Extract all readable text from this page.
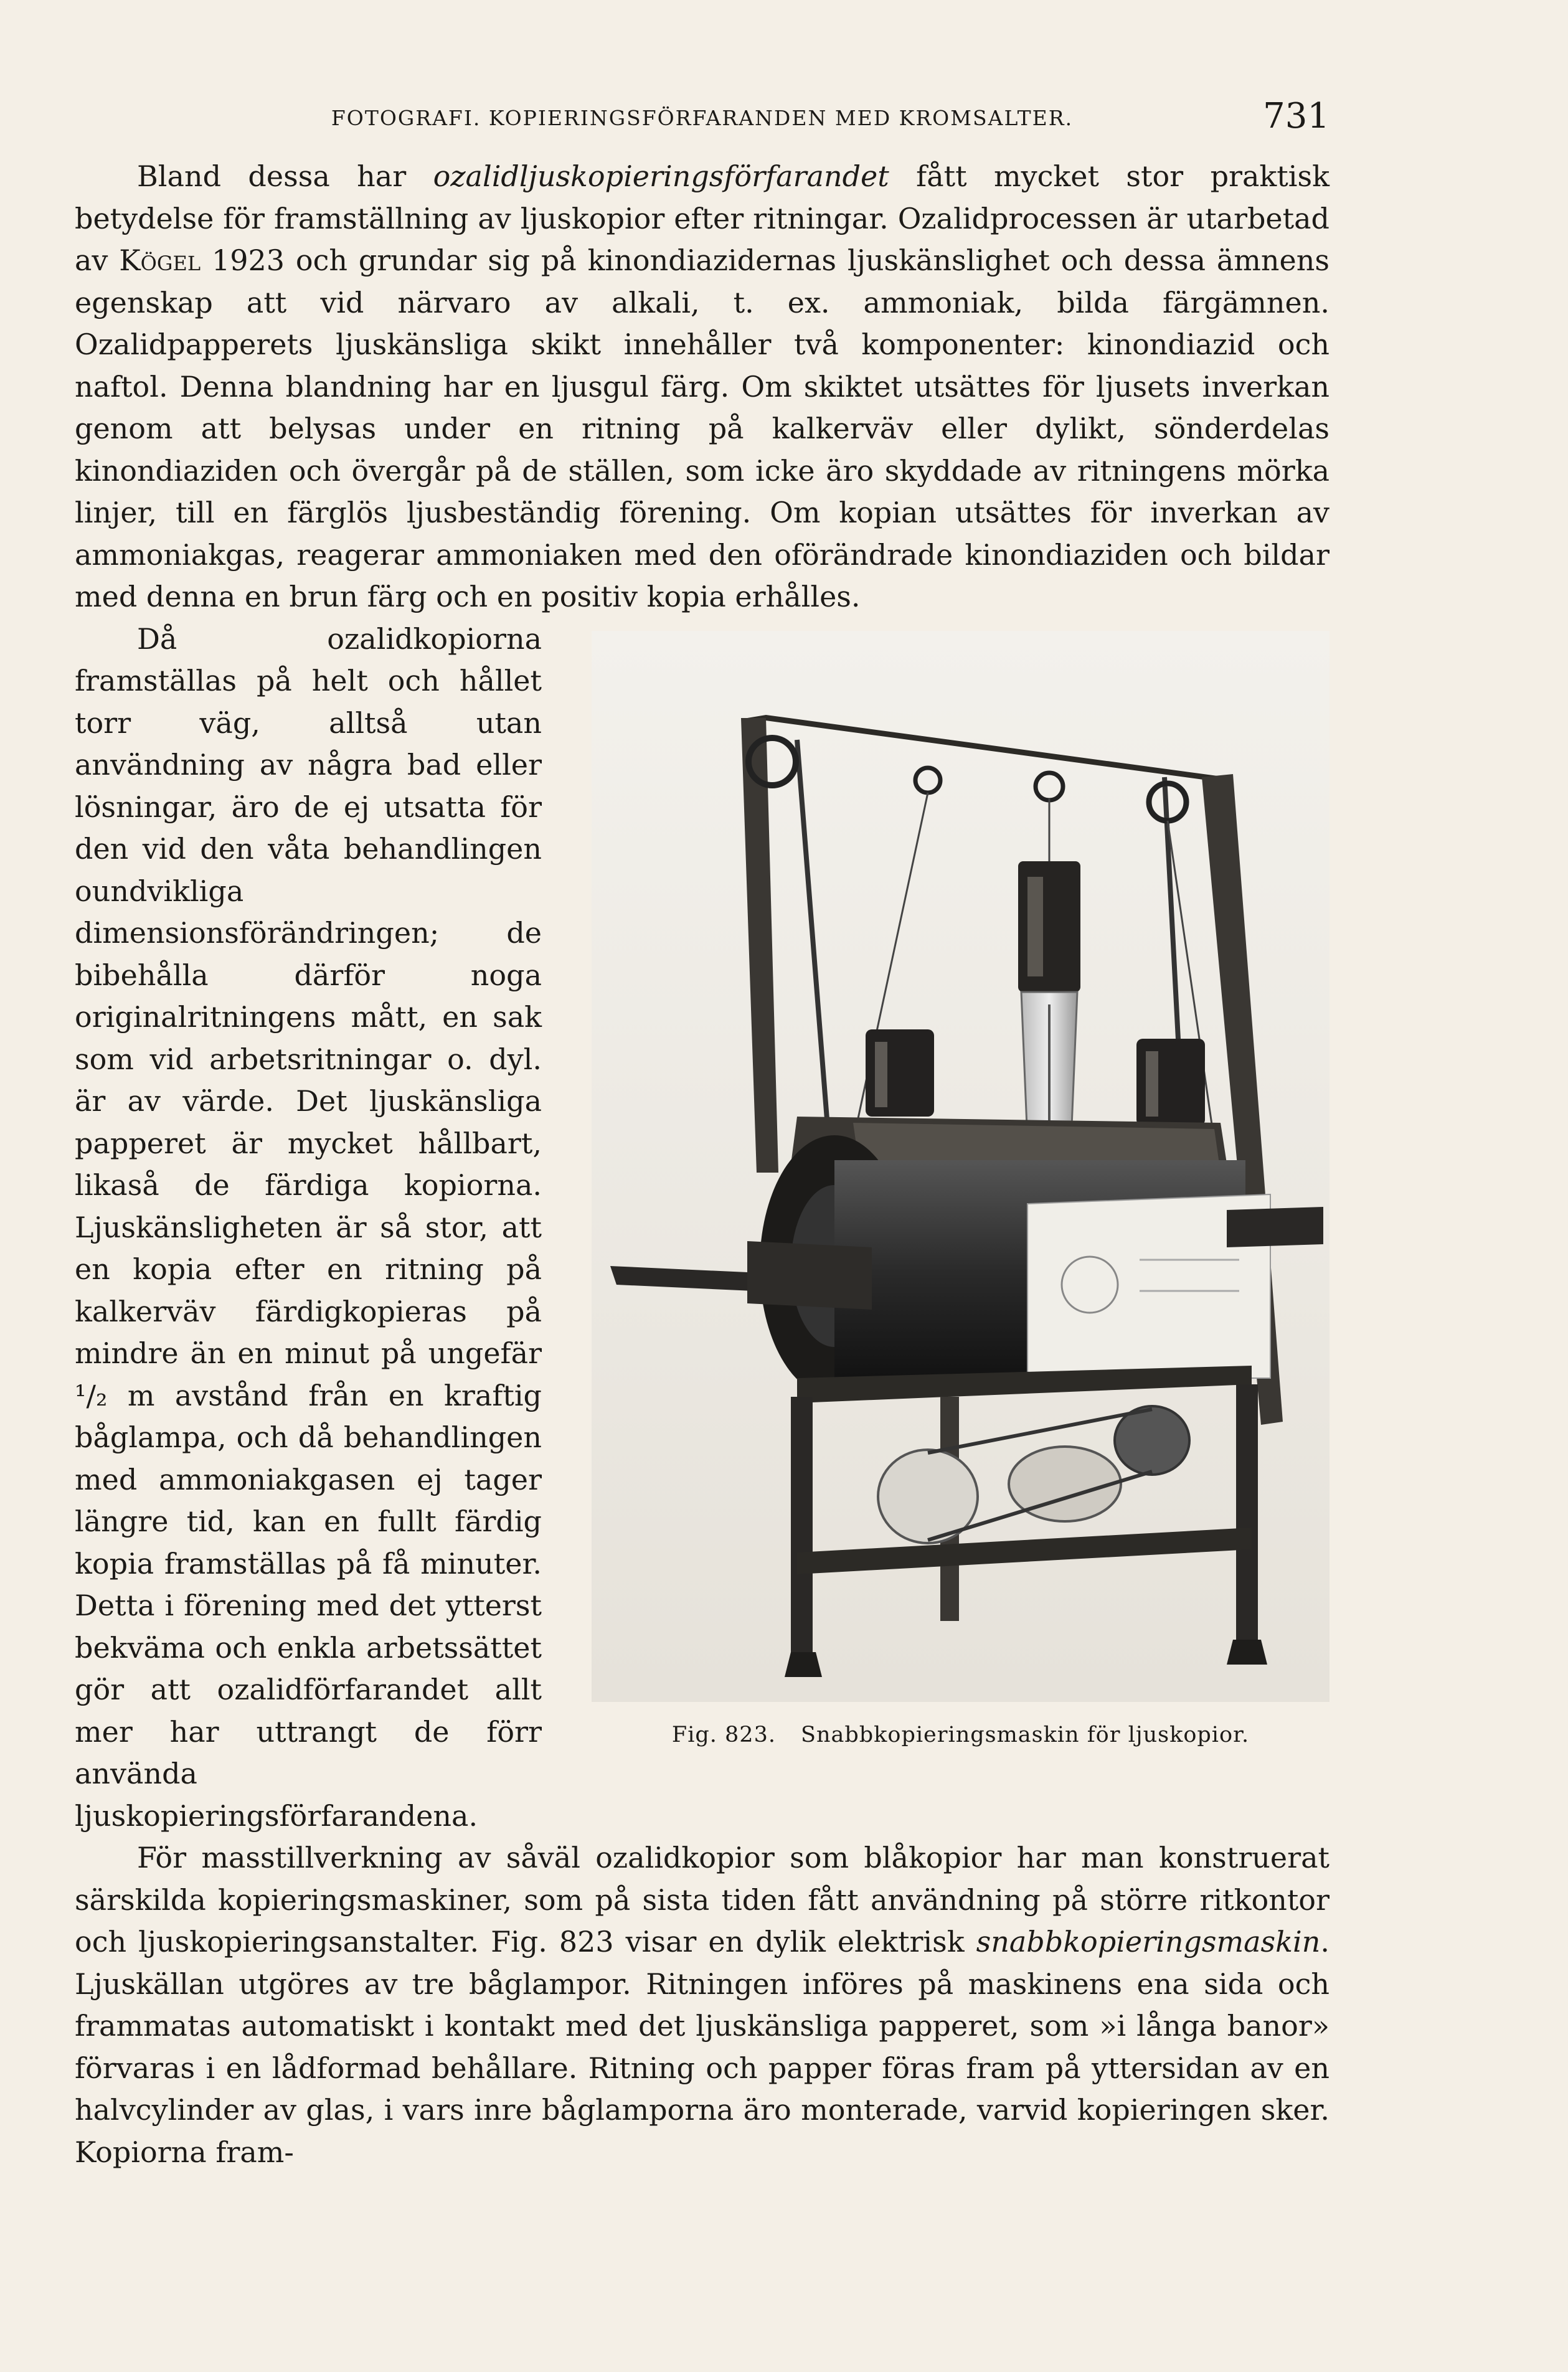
FOTOGRAFI. KOPIERINGSFÖRFARANDEN MED KROMSALTER.	731

Bland dessa har ozalidljuskopieringsförfarandet fått mycket stor praktisk betydelse för framställning av ljuskopior efter ritningar. Ozalidprocessen är utarbetad av Kögel 1923 och grundar sig på kinondiazidernas ljuskänslighet och dessa ämnens egenskap att vid närvaro av alkali, t. ex. ammoniak, bilda färgämnen. Ozalidpapperets ljuskänsliga skikt innehåller två komponenter: kinondiazid och naftol. Denna blandning har en ljusgul färg. Om skiktet utsättes för ljusets inverkan genom att belysas under en ritning på kalkerväv eller dylikt, sönderdelas kinondiaziden och övergår på de ställen, som icke äro skyddade av ritningens mörka linjer, till en färglös ljusbeständig förening. Om kopian utsättes för inverkan av ammoniakgas, reagerar ammoniaken med den oförändrade kinondiaziden och bildar med denna en brun färg och en positiv kopia erhålles.

Fig. 823. Snabbkopieringsmaskin för ljuskopior.

Då ozalidkopiorna framställas på helt och hållet torr väg, alltså utan användning av några bad eller lösningar, äro de ej utsatta för den vid den våta behandlingen oundvikliga dimensionsförändringen; de bibehålla därför noga originalritningens mått, en sak som vid arbetsritningar o. dyl. är av värde. Det ljuskänsliga papperet är mycket hållbart, likaså de färdiga kopiorna. Ljuskänsligheten är så stor, att en kopia efter en ritning på kalkerväv färdigkopieras på mindre än en minut på ungefär ¹/₂ m avstånd från en kraftig båglampa, och då behandlingen med ammoniakgasen ej tager längre tid, kan en fullt färdig kopia framställas på få minuter. Detta i förening med det ytterst bekväma och enkla arbetssättet gör att ozalidförfarandet allt mer har uttrangt de förr använda ljuskopieringsförfarandena.

För masstillverkning av såväl ozalidkopior som blåkopior har man konstruerat särskilda kopieringsmaskiner, som på sista tiden fått användning på större ritkontor och ljuskopieringsanstalter. Fig. 823 visar en dylik elektrisk snabbkopieringsmaskin. Ljuskällan utgöres av tre båglampor. Ritningen införes på maskinens ena sida och frammatas automatiskt i kontakt med det ljuskänsliga papperet, som »i långa banor» förvaras i en lådformad behållare. Ritning och papper föras fram på yttersidan av en halvcylinder av glas, i vars inre båglamporna äro monterade, varvid kopieringen sker. Kopiorna fram-
